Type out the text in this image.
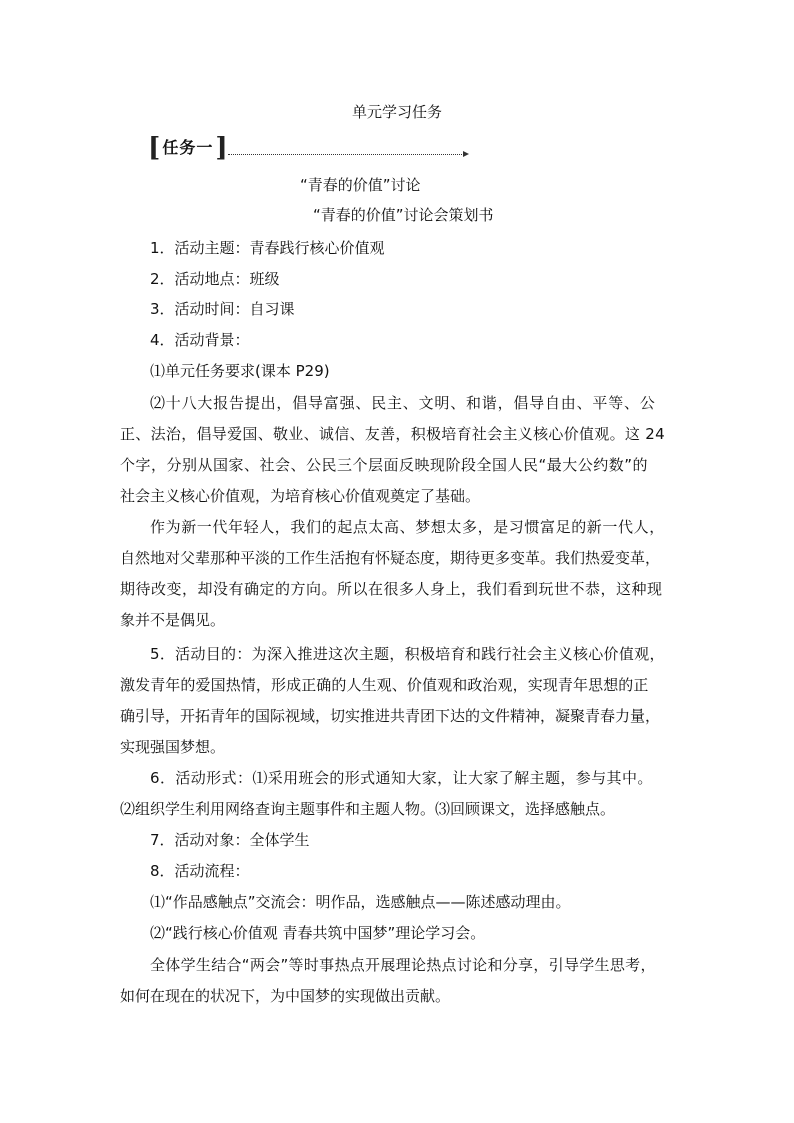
单元学习任务
[ 任务一 ]
“青春的价值”讨论
“青春的价值”讨论会策划书
1．活动主题：青春践行核心价值观
2．活动地点：班级
3．活动时间：自习课
4．活动背景：
⑴单元任务要求(课本 P29)
⑵十八大报告提出，倡导富强、民主、文明、和谐，倡导自由、平等、公
正、法治，倡导爱国、敬业、诚信、友善，积极培育社会主义核心价值观。这 24
个字，分别从国家、社会、公民三个层面反映现阶段全国人民“最大公约数”的
社会主义核心价值观，为培育核心价值观奠定了基础。
作为新一代年轻人，我们的起点太高、梦想太多，是习惯富足的新一代人，
自然地对父辈那种平淡的工作生活抱有怀疑态度，期待更多变革。我们热爱变革，
期待改变，却没有确定的方向。所以在很多人身上，我们看到玩世不恭，这种现
象并不是偶见。
5．活动目的：为深入推进这次主题，积极培育和践行社会主义核心价值观，
激发青年的爱国热情，形成正确的人生观、价值观和政治观，实现青年思想的正
确引导，开拓青年的国际视域，切实推进共青团下达的文件精神，凝聚青春力量，
实现强国梦想。
6．活动形式：⑴采用班会的形式通知大家，让大家了解主题，参与其中。
⑵组织学生利用网络查询主题事件和主题人物。⑶回顾课文，选择感触点。
7．活动对象：全体学生
8．活动流程：
⑴“作品感触点”交流会：明作品，选感触点——陈述感动理由。
⑵“践行核心价值观 青春共筑中国梦”理论学习会。
全体学生结合“两会”等时事热点开展理论热点讨论和分享，引导学生思考，
如何在现在的状况下，为中国梦的实现做出贡献。
